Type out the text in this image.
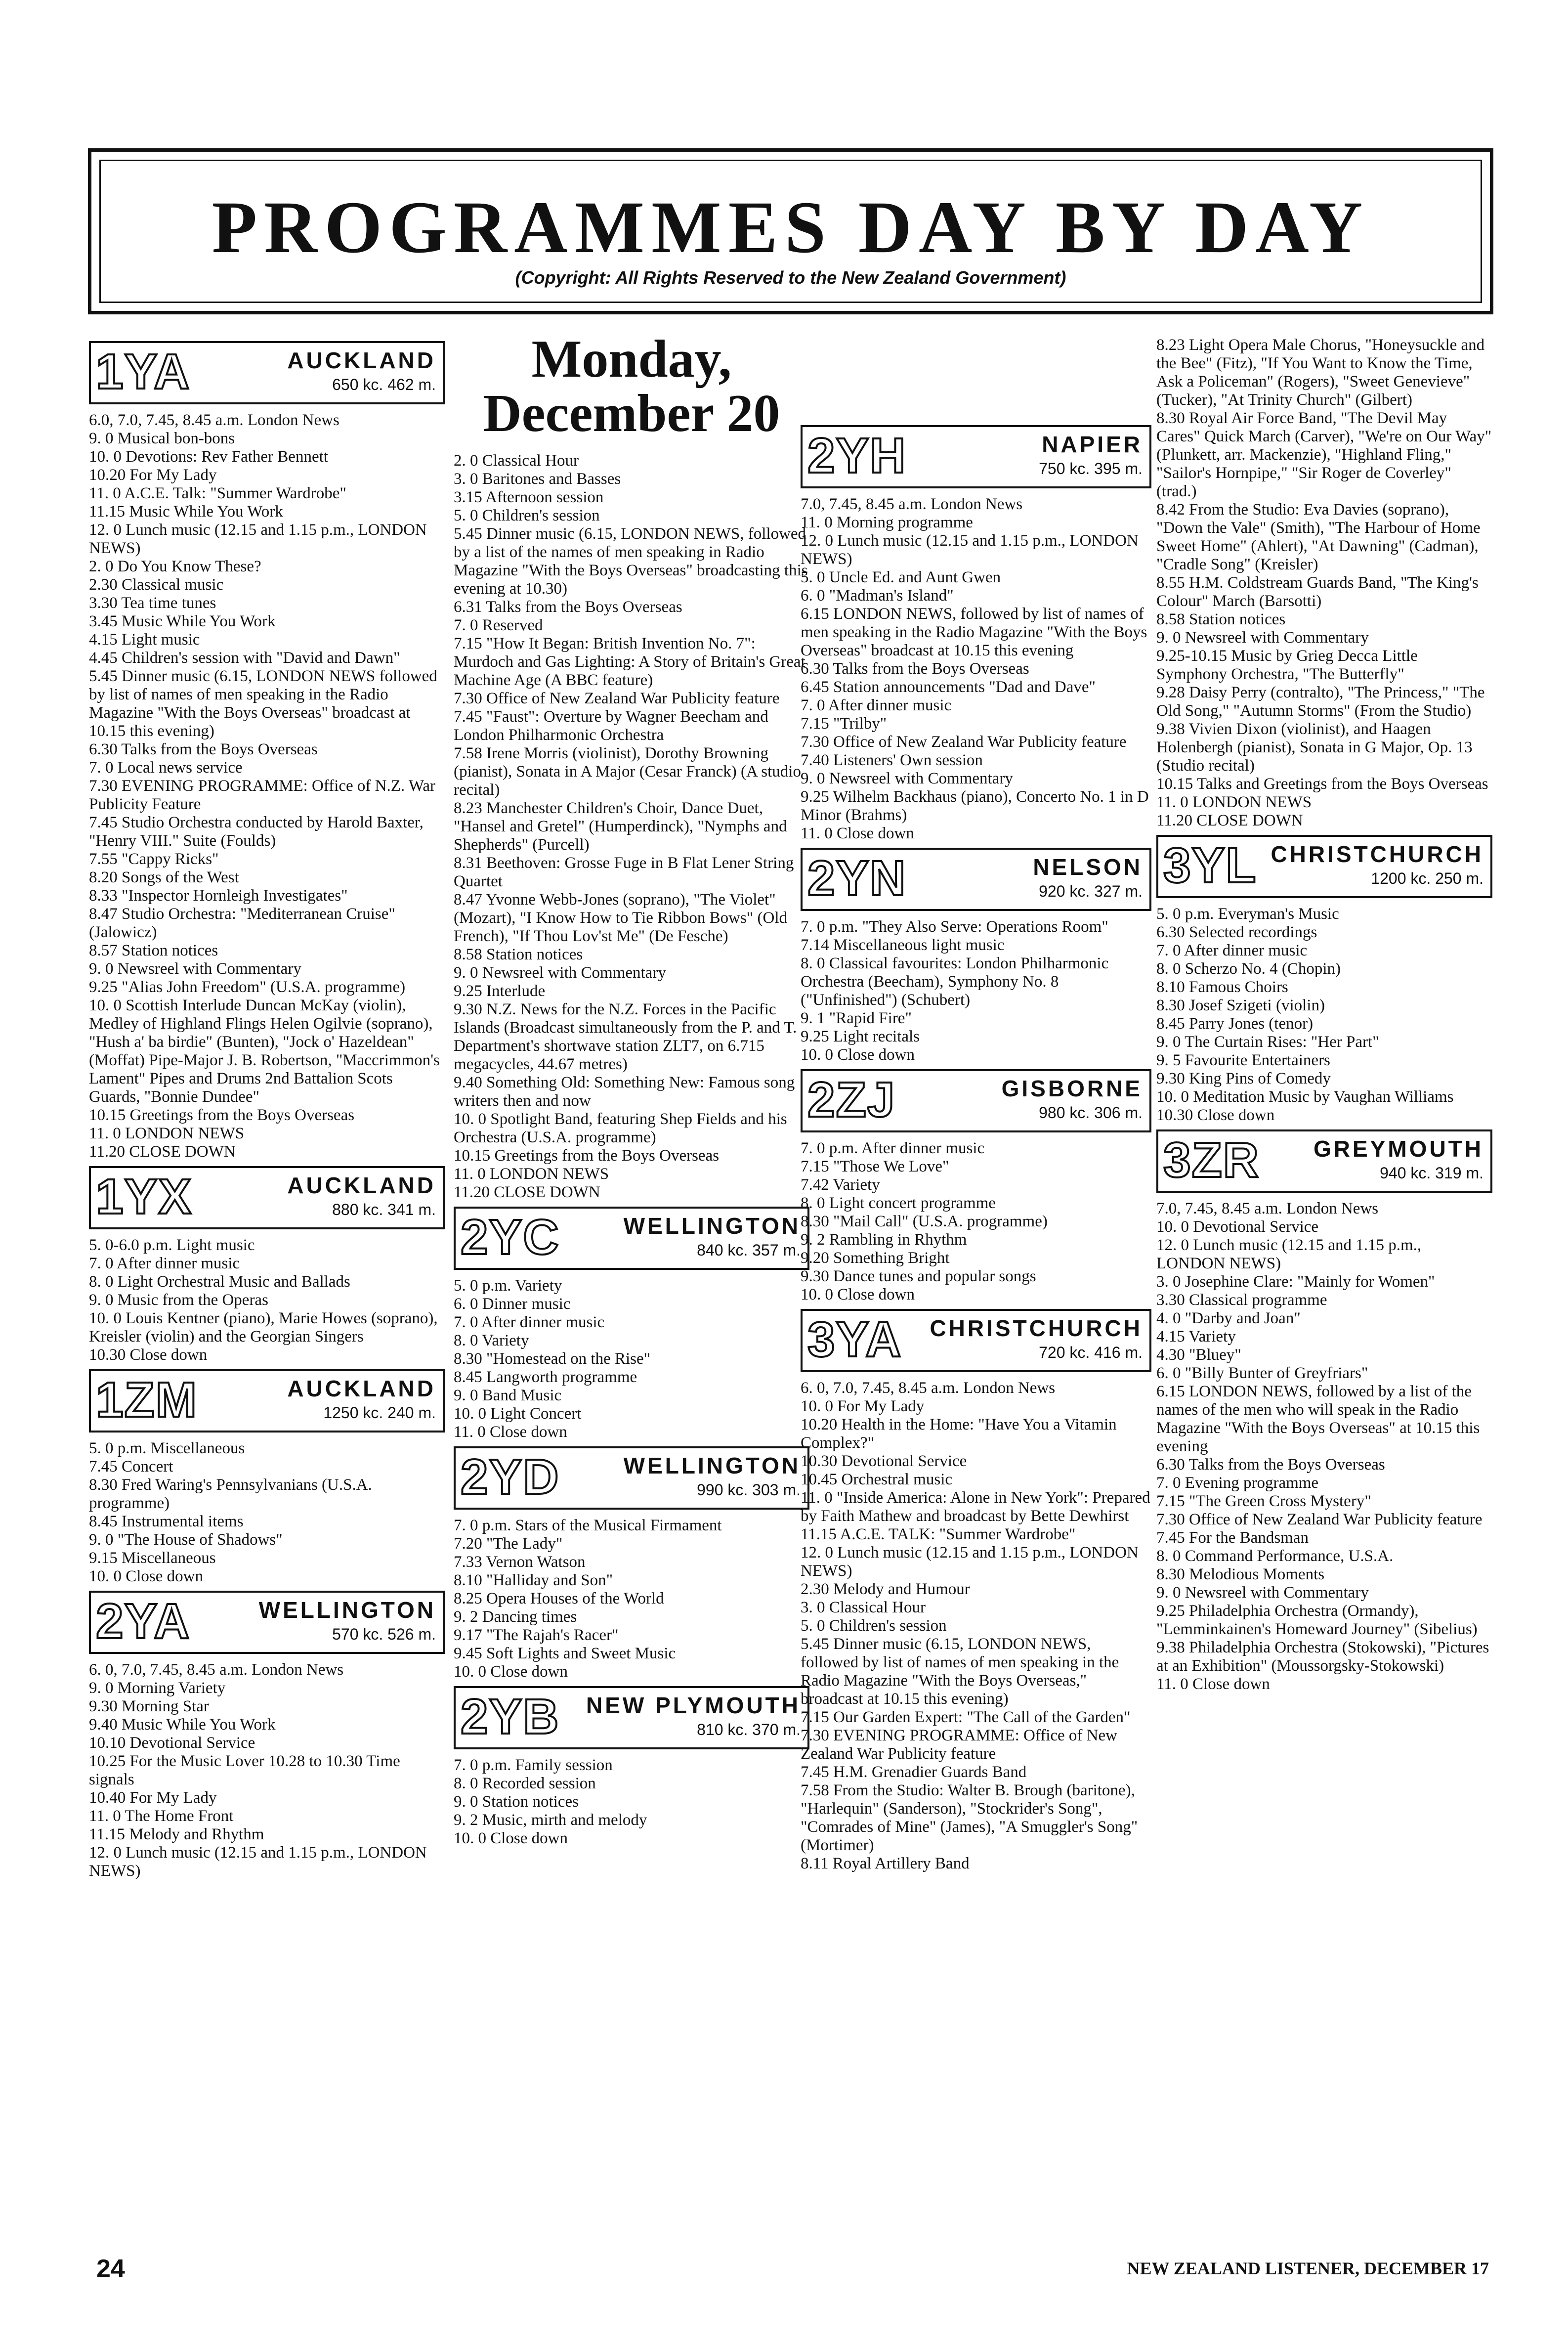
PROGRAMMES DAY BY DAY
(Copyright: All Rights Reserved to the New Zealand Government)
1YA	AUCKLAND
650 kc. 462 m.
6.0, 7.0, 7.45, 8.45 a.m. London News
9. 0 Musical bon-bons
10. 0 Devotions: Rev Father Bennett
10.20 For My Lady
11. 0 A.C.E. Talk: "Summer Wardrobe"
11.15 Music While You Work
12. 0 Lunch music (12.15 and 1.15 p.m., LONDON NEWS)
2. 0 Do You Know These?
2.30 Classical music
3.30 Tea time tunes
3.45 Music While You Work
4.15 Light music
4.45 Children's session with "David and Dawn"
5.45 Dinner music (6.15, LONDON NEWS followed by list of names of men speaking in the Radio Magazine "With the Boys Overseas" broadcast at 10.15 this evening)
6.30 Talks from the Boys Overseas
7. 0 Local news service
7.30 EVENING PROGRAMME: Office of N.Z. War Publicity Feature
7.45 Studio Orchestra conducted by Harold Baxter, "Henry VIII." Suite (Foulds)
7.55 "Cappy Ricks"
8.20 Songs of the West
8.33 "Inspector Hornleigh Investigates"
8.47 Studio Orchestra: "Mediterranean Cruise" (Jalowicz)
8.57 Station notices
9. 0 Newsreel with Commentary
9.25 "Alias John Freedom" (U.S.A. programme)
10. 0 Scottish Interlude Duncan McKay (violin), Medley of Highland Flings Helen Ogilvie (soprano), "Hush a' ba birdie" (Bunten), "Jock o' Hazeldean" (Moffat) Pipe-Major J. B. Robertson, "Maccrimmon's Lament" Pipes and Drums 2nd Battalion Scots Guards, "Bonnie Dundee"
10.15 Greetings from the Boys Overseas
11. 0 LONDON NEWS
11.20 CLOSE DOWN
1YX	AUCKLAND
880 kc. 341 m.
5. 0-6.0 p.m. Light music
7. 0 After dinner music
8. 0 Light Orchestral Music and Ballads
9. 0 Music from the Operas
10. 0 Louis Kentner (piano), Marie Howes (soprano), Kreisler (violin) and the Georgian Singers
10.30 Close down
1ZM	AUCKLAND
1250 kc. 240 m.
5. 0 p.m. Miscellaneous
7.45 Concert
8.30 Fred Waring's Pennsylvanians (U.S.A. programme)
8.45 Instrumental items
9. 0 "The House of Shadows"
9.15 Miscellaneous
10. 0 Close down
2YA	WELLINGTON
570 kc. 526 m.
6. 0, 7.0, 7.45, 8.45 a.m. London News
9. 0 Morning Variety
9.30 Morning Star
9.40 Music While You Work
10.10 Devotional Service
10.25 For the Music Lover 10.28 to 10.30 Time signals
10.40 For My Lady
11. 0 The Home Front
11.15 Melody and Rhythm
12. 0 Lunch music (12.15 and 1.15 p.m., LONDON NEWS)
Monday, December 20
2. 0 Classical Hour
3. 0 Baritones and Basses
3.15 Afternoon session
5. 0 Children's session
5.45 Dinner music (6.15, LONDON NEWS, followed by a list of the names of men speaking in Radio Magazine "With the Boys Overseas" broadcasting this evening at 10.30)
6.31 Talks from the Boys Overseas
7. 0 Reserved
7.15 "How It Began: British Invention No. 7": Murdoch and Gas Lighting: A Story of Britain's Great Machine Age (A BBC feature)
7.30 Office of New Zealand War Publicity feature
7.45 "Faust": Overture by Wagner Beecham and London Philharmonic Orchestra
7.58 Irene Morris (violinist), Dorothy Browning (pianist), Sonata in A Major (Cesar Franck) (A studio recital)
8.23 Manchester Children's Choir, Dance Duet, "Hansel and Gretel" (Humperdinck), "Nymphs and Shepherds" (Purcell)
8.31 Beethoven: Grosse Fuge in B Flat Lener String Quartet
8.47 Yvonne Webb-Jones (soprano), "The Violet" (Mozart), "I Know How to Tie Ribbon Bows" (Old French), "If Thou Lov'st Me" (De Fesche)
8.58 Station notices
9. 0 Newsreel with Commentary
9.25 Interlude
9.30 N.Z. News for the N.Z. Forces in the Pacific Islands (Broadcast simultaneously from the P. and T. Department's shortwave station ZLT7, on 6.715 megacycles, 44.67 metres)
9.40 Something Old: Something New: Famous song writers then and now
10. 0 Spotlight Band, featuring Shep Fields and his Orchestra (U.S.A. programme)
10.15 Greetings from the Boys Overseas
11. 0 LONDON NEWS
11.20 CLOSE DOWN
2YC	WELLINGTON
840 kc. 357 m.
5. 0 p.m. Variety
6. 0 Dinner music
7. 0 After dinner music
8. 0 Variety
8.30 "Homestead on the Rise"
8.45 Langworth programme
9. 0 Band Music
10. 0 Light Concert
11. 0 Close down
2YD	WELLINGTON
990 kc. 303 m.
7. 0 p.m. Stars of the Musical Firmament
7.20 "The Lady"
7.33 Vernon Watson
8.10 "Halliday and Son"
8.25 Opera Houses of the World
9. 2 Dancing times
9.17 "The Rajah's Racer"
9.45 Soft Lights and Sweet Music
10. 0 Close down
2YB NEW PLYMOUTH
810 kc. 370 m.
7. 0 p.m. Family session
8. 0 Recorded session
9. 0 Station notices
9. 2 Music, mirth and melody
10. 0 Close down
2YH	NAPIER
750 kc. 395 m.
7.0, 7.45, 8.45 a.m. London News
11. 0 Morning programme
12. 0 Lunch music (12.15 and 1.15 p.m., LONDON NEWS)
5. 0 Uncle Ed. and Aunt Gwen
6. 0 "Madman's Island"
6.15 LONDON NEWS, followed by list of names of men speaking in the Radio Magazine "With the Boys Overseas" broadcast at 10.15 this evening
6.30 Talks from the Boys Overseas
6.45 Station announcements "Dad and Dave"
7. 0 After dinner music
7.15 "Trilby"
7.30 Office of New Zealand War Publicity feature
7.40 Listeners' Own session
9. 0 Newsreel with Commentary
9.25 Wilhelm Backhaus (piano), Concerto No. 1 in D Minor (Brahms)
11. 0 Close down
2YN	NELSON
920 kc. 327 m.
7. 0 p.m. "They Also Serve: Operations Room"
7.14 Miscellaneous light music
8. 0 Classical favourites: London Philharmonic Orchestra (Beecham), Symphony No. 8 ("Unfinished") (Schubert)
9. 1 "Rapid Fire"
9.25 Light recitals
10. 0 Close down
2ZJ	GISBORNE
980 kc. 306 m.
7. 0 p.m. After dinner music
7.15 "Those We Love"
7.42 Variety
8. 0 Light concert programme
8.30 "Mail Call" (U.S.A. programme)
9. 2 Rambling in Rhythm
9.20 Something Bright
9.30 Dance tunes and popular songs
10. 0 Close down
3YA CHRISTCHURCH
720 kc. 416 m.
6. 0, 7.0, 7.45, 8.45 a.m. London News
10. 0 For My Lady
10.20 Health in the Home: "Have You a Vitamin Complex?"
10.30 Devotional Service
10.45 Orchestral music
11. 0 "Inside America: Alone in New York": Prepared by Faith Mathew and broadcast by Bette Dewhirst
11.15 A.C.E. TALK: "Summer Wardrobe"
12. 0 Lunch music (12.15 and 1.15 p.m., LONDON NEWS)
2.30 Melody and Humour
3. 0 Classical Hour
5. 0 Children's session
5.45 Dinner music (6.15, LONDON NEWS, followed by list of names of men speaking in the Radio Magazine "With the Boys Overseas," broadcast at 10.15 this evening)
7.15 Our Garden Expert: "The Call of the Garden"
7.30 EVENING PROGRAMME: Office of New Zealand War Publicity feature
7.45 H.M. Grenadier Guards Band
7.58 From the Studio: Walter B. Brough (baritone), "Harlequin" (Sanderson), "Stockrider's Song", "Comrades of Mine" (James), "A Smuggler's Song" (Mortimer)
8.11 Royal Artillery Band
8.23 Light Opera Male Chorus, "Honeysuckle and the Bee" (Fitz), "If You Want to Know the Time, Ask a Policeman" (Rogers), "Sweet Genevieve" (Tucker), "At Trinity Church" (Gilbert)
8.30 Royal Air Force Band, "The Devil May Cares" Quick March (Carver), "We're on Our Way" (Plunkett, arr. Mackenzie), "Highland Fling," "Sailor's Hornpipe," "Sir Roger de Coverley" (trad.)
8.42 From the Studio: Eva Davies (soprano), "Down the Vale" (Smith), "The Harbour of Home Sweet Home" (Ahlert), "At Dawning" (Cadman), "Cradle Song" (Kreisler)
8.55 H.M. Coldstream Guards Band, "The King's Colour" March (Barsotti)
8.58 Station notices
9. 0 Newsreel with Commentary
9.25-10.15 Music by Grieg Decca Little Symphony Orchestra, "The Butterfly"
9.28 Daisy Perry (contralto), "The Princess," "The Old Song," "Autumn Storms" (From the Studio)
9.38 Vivien Dixon (violinist), and Haagen Holenbergh (pianist), Sonata in G Major, Op. 13 (Studio recital)
10.15 Talks and Greetings from the Boys Overseas
11. 0 LONDON NEWS
11.20 CLOSE DOWN
3YL CHRISTCHURCH
1200 kc. 250 m.
5. 0 p.m. Everyman's Music
6.30 Selected recordings
7. 0 After dinner music
8. 0 Scherzo No. 4 (Chopin)
8.10 Famous Choirs
8.30 Josef Szigeti (violin)
8.45 Parry Jones (tenor)
9. 0 The Curtain Rises: "Her Part"
9. 5 Favourite Entertainers
9.30 King Pins of Comedy
10. 0 Meditation Music by Vaughan Williams
10.30 Close down
3ZR GREYMOUTH
940 kc. 319 m.
7.0, 7.45, 8.45 a.m. London News
10. 0 Devotional Service
12. 0 Lunch music (12.15 and 1.15 p.m., LONDON NEWS)
3. 0 Josephine Clare: "Mainly for Women"
3.30 Classical programme
4. 0 "Darby and Joan"
4.15 Variety
4.30 "Bluey"
6. 0 "Billy Bunter of Greyfriars"
6.15 LONDON NEWS, followed by a list of the names of the men who will speak in the Radio Magazine "With the Boys Overseas" at 10.15 this evening
6.30 Talks from the Boys Overseas
7. 0 Evening programme
7.15 "The Green Cross Mystery"
7.30 Office of New Zealand War Publicity feature
7.45 For the Bandsman
8. 0 Command Performance, U.S.A.
8.30 Melodious Moments
9. 0 Newsreel with Commentary
9.25 Philadelphia Orchestra (Ormandy), "Lemminkainen's Homeward Journey" (Sibelius)
9.38 Philadelphia Orchestra (Stokowski), "Pictures at an Exhibition" (Moussorgsky-Stokowski)
11. 0 Close down
24	NEW ZEALAND LISTENER, DECEMBER 17
